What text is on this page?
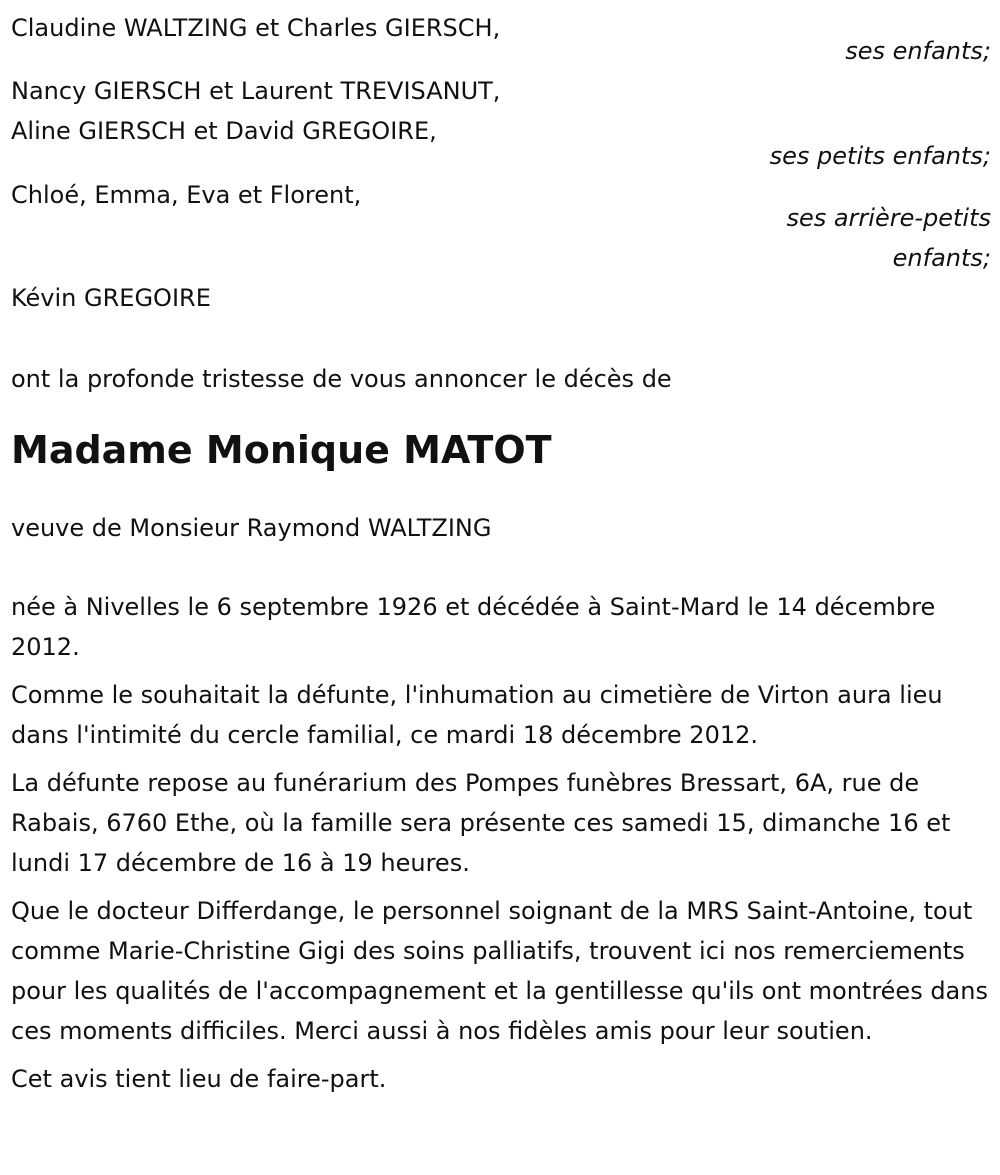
Claudine WALTZING et Charles GIERSCH,

ses enfants;

Nancy GIERSCH et Laurent TREVISANUT,

Aline GIERSCH et David GREGOIRE,

ses petits enfants;

Chloé, Emma, Eva et Florent,

ses arrière-petits

enfants;

Kévin GREGOIRE

ont la profonde tristesse de vous annoncer le décès de

Madame Monique MATOT

veuve de Monsieur Raymond WALTZING

née à Nivelles le 6 septembre 1926 et décédée à Saint-Mard le 14 décembre 2012.

Comme le souhaitait la défunte, l'inhumation au cimetière de Virton aura lieu dans l'intimité du cercle familial, ce mardi 18 décembre 2012.

La défunte repose au funérarium des Pompes funèbres Bressart, 6A, rue de Rabais, 6760 Ethe, où la famille sera présente ces samedi 15, dimanche 16 et lundi 17 décembre de 16 à 19 heures.

Que le docteur Differdange, le personnel soignant de la MRS Saint-Antoine, tout comme Marie-Christine Gigi des soins palliatifs, trouvent ici nos remerciements pour les qualités de l'accompagnement et la gentillesse qu'ils ont montrées dans ces moments difficiles. Merci aussi à nos fidèles amis pour leur soutien.

Cet avis tient lieu de faire-part.
